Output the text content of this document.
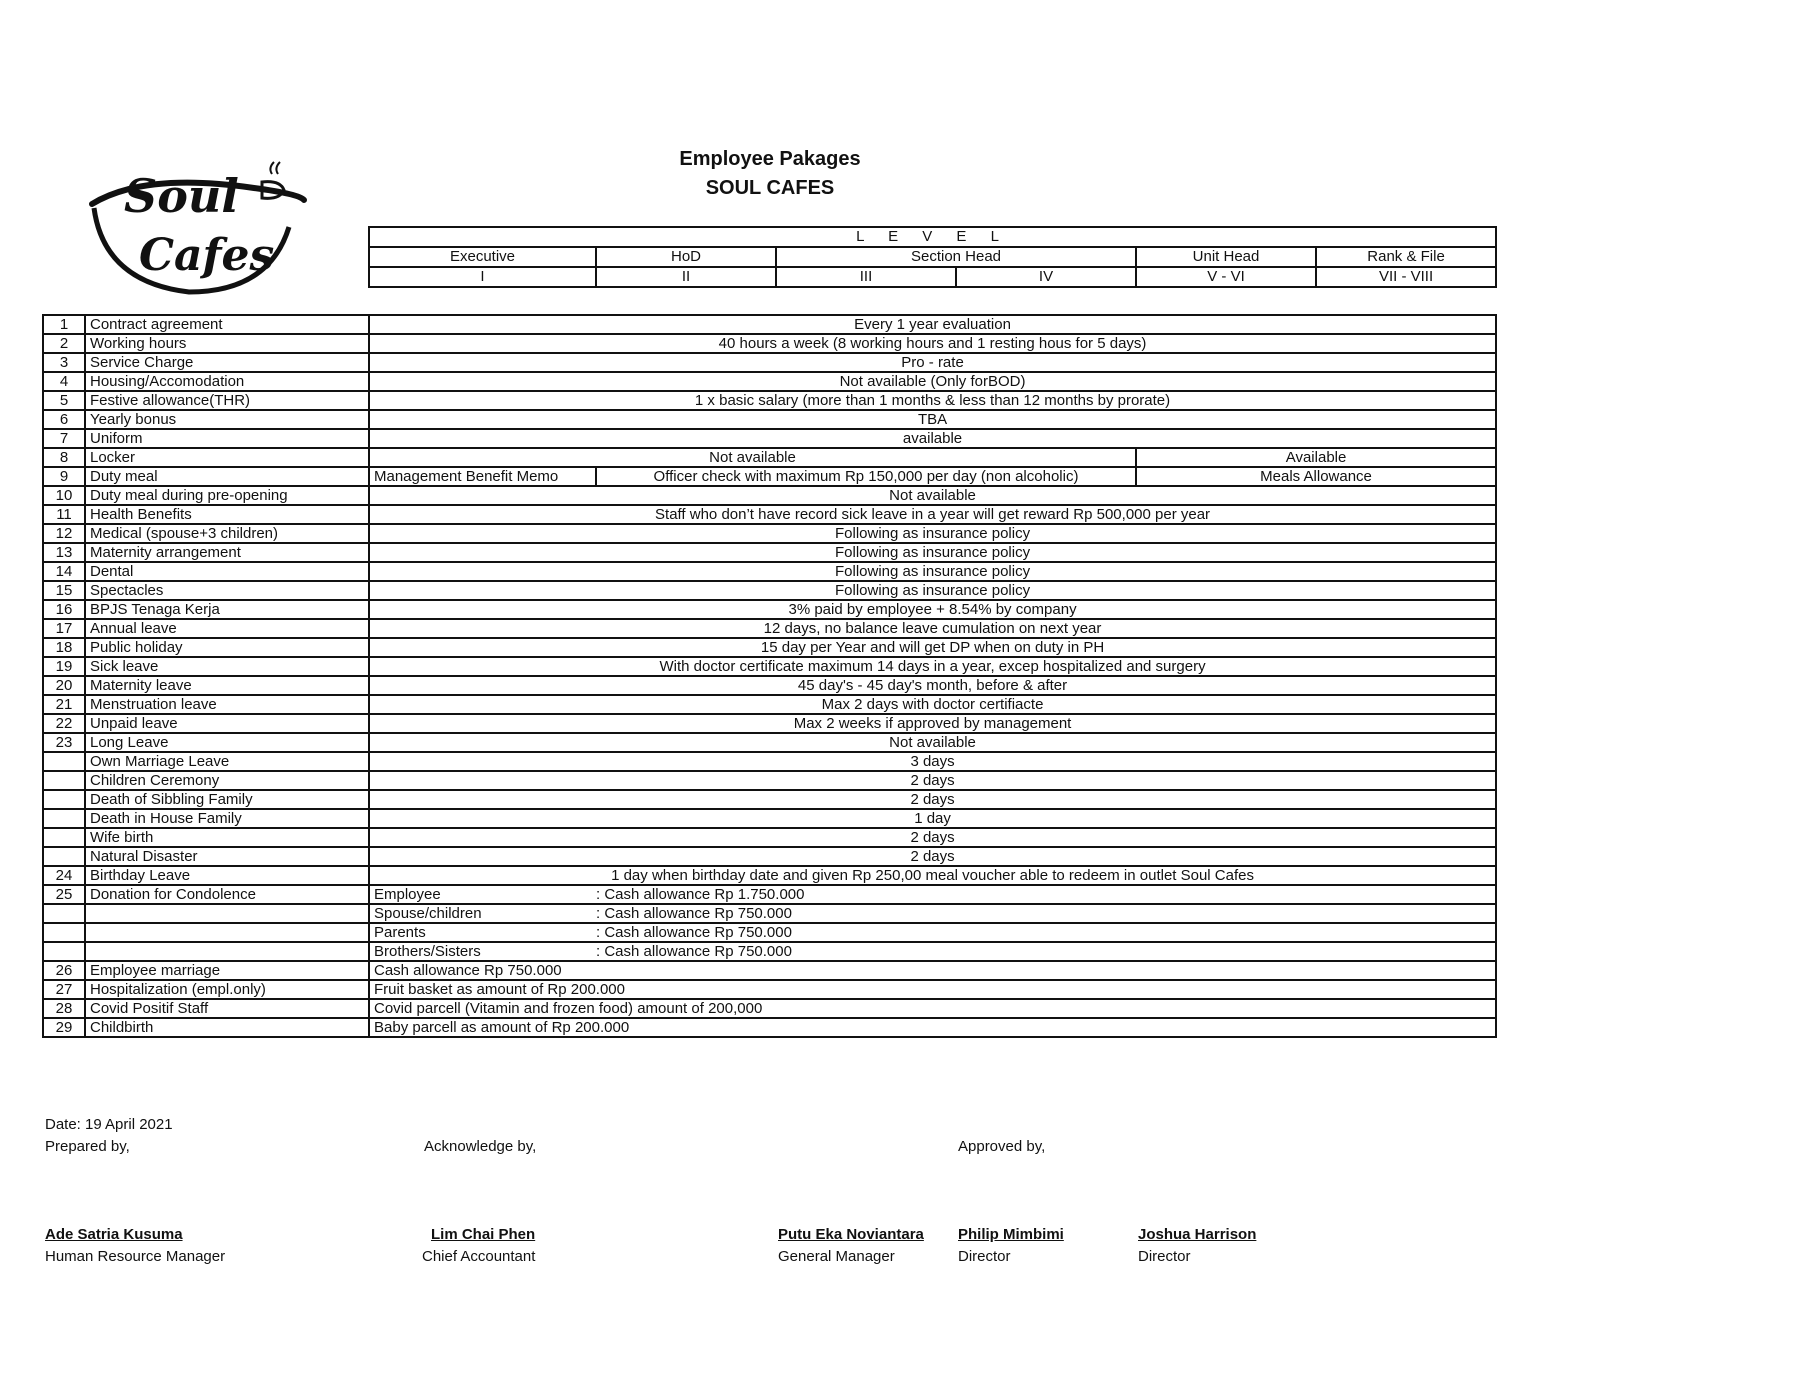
Soul
Cafes
Employee Pakages
SOUL CAFES
L E V E L					
Executive	HoD	Section Head		Unit Head	Rank & File
I	II	III	IV	V - VI	VII - VIII
1	Contract agreement	Every 1 year evaluation		
2	Working hours	40 hours a week (8 working hours and 1 resting hous for 5 days)		
3	Service Charge	Pro - rate		
4	Housing/Accomodation	Not available (Only forBOD)		
5	Festive allowance(THR)	1 x basic salary (more than 1 months & less than 12 months by prorate)		
6	Yearly bonus	TBA		
7	Uniform	available		
8	Locker	Not available		Available
9	Duty meal	Management Benefit Memo	Officer check with maximum Rp 150,000 per day (non alcoholic)	Meals Allowance
10	Duty meal during pre-opening	Not available		
11	Health Benefits	Staff who don’t have record sick leave in a year will get reward Rp 500,000 per year		
12	Medical (spouse+3 children)	Following as insurance policy		
13	Maternity arrangement	Following as insurance policy		
14	Dental	Following as insurance policy		
15	Spectacles	Following as insurance policy		
16	BPJS Tenaga Kerja	3% paid by employee + 8.54% by company		
17	Annual leave	12 days, no balance leave cumulation on next year		
18	Public holiday	15 day per Year and will get DP when on duty in PH		
19	Sick leave	With doctor certificate maximum 14 days in a year, excep hospitalized and surgery		
20	Maternity leave	45 day's - 45 day's month, before & after		
21	Menstruation leave	Max 2 days with doctor certifiacte		
22	Unpaid leave	Max 2 weeks if approved by management		
23	Long Leave	Not available		
	Own Marriage Leave	3 days		
	Children Ceremony	2 days		
	Death of Sibbling Family	2 days		
	Death in House Family	1 day		
	Wife birth	2 days		
	Natural Disaster	2 days		
24	Birthday Leave	1 day when birthday date and given Rp 250,00 meal voucher able to redeem in outlet Soul Cafes		
25	Donation for Condolence	Employee : Cash allowance Rp 1.750.000		
		Spouse/children : Cash allowance Rp 750.000		
		Parents : Cash allowance Rp 750.000		
		Brothers/Sisters : Cash allowance Rp 750.000		
26	Employee marriage	Cash allowance Rp 750.000		
27	Hospitalization (empl.only)	Fruit basket as amount of Rp 200.000		
28	Covid Positif Staff	Covid parcell (Vitamin and frozen food) amount of 200,000		
29	Childbirth	Baby parcell as amount of Rp 200.000		
Date: 19 April 2021
Prepared by,	Acknowledge by,	Approved by,
Ade Satria Kusuma
Human Resource Manager
Lim Chai Phen
Chief Accountant
Putu Eka Noviantara
General Manager
Philip Mimbimi
Director
Joshua Harrison
Director
